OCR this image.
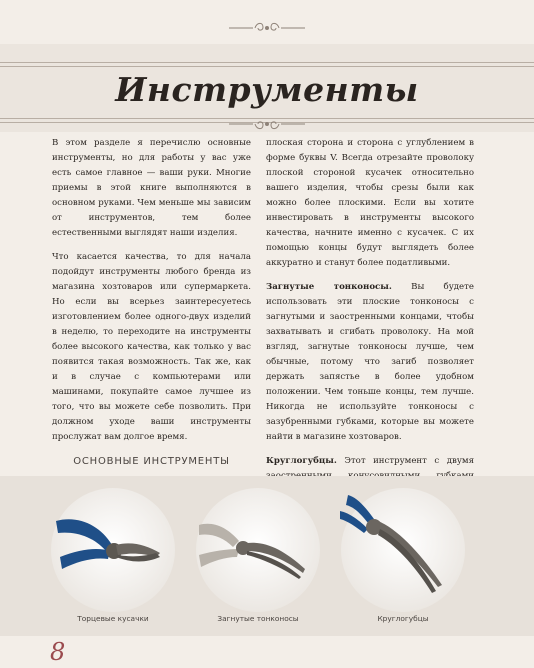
Инструменты

В этом разделе я перечислю основные инструменты, но для работы у вас уже есть самое главное — ваши руки. Многие приемы в этой книге выполняются в основном руками. Чем меньше мы зависим от инструментов, тем более естественными выглядят наши изделия.

Что касается качества, то для начала подойдут инструменты любого бренда из магазина хозтоваров или супермаркета. Но если вы всерьез заинтересуетесь изготовлением более одного-двух изделий в неделю, то переходите на инструменты более высокого качества, как только у вас появится такая возможность. Так же, как и в случае с компьютерами или машинами, покупайте самое лучшее из того, что вы можете себе позволить. При должном уходе ваши инструменты прослужат вам долгое время.

ОСНОВНЫЕ ИНСТРУМЕНТЫ

плоская сторона и сторона с углублением в форме буквы V. Всегда отрезайте проволоку плоской стороной кусачек относительно вашего изделия, чтобы срезы были как можно более плоскими. Если вы хотите инвестировать в инструменты высокого качества, начните именно с кусачек. С их помощью концы будут выглядеть более аккуратно и станут более податливыми.

Загнутые тонконосы. Вы будете использовать эти плоские тонконосы с загнутыми и заостренными концами, чтобы захватывать и сгибать проволоку. На мой взгляд, загнутые тонконосы лучше, чем обычные, потому что загиб позволяет держать запястье в более удобном положении. Чем тоньше концы, тем лучше. Никогда не используйте тонконосы с зазубренными губками, которые вы можете найти в магазине хозтоваров.

Круглогубцы. Этот инструмент с двумя

Торцевые кусачки	Загнутые тонконосы	Круглогубцы
8
